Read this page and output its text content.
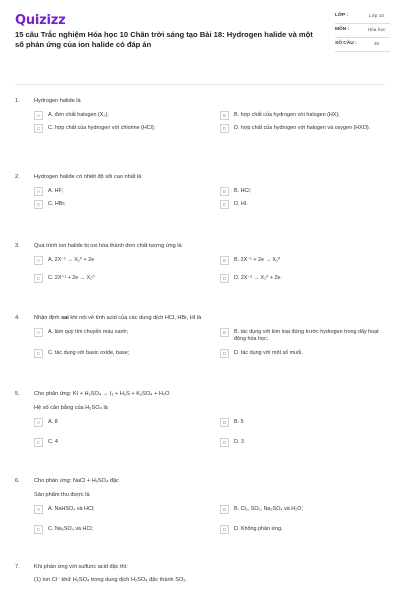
Quizizz
15 câu Trắc nghiệm Hóa học 10 Chân trời sáng tạo Bài 18: Hydrogen halide và một số phản ứng của ion halide có đáp án
LỚP :	Lớp 10
MÔN :	Hóa học
SỐ CÂU :	30
1.	Hydrogen halide là
A	A. đơn chất halogen (X₂);	B	B. hợp chất của hydrogen với halogen (HX);
C	C. hợp chất của hydrogen với chlorine (HCl);	D	D. hợp chất của hydrogen với halogen và oxygen (HXO).
2.	Hydrogen halide có nhiệt độ sôi cao nhất là
A	A. HF;	B	B. HCl;
C	C. HBr;	D	D. HI.
3.	Quá trình ion halide bị oxi hóa thành đơn chất tương ứng là
A	A. 2X⁻¹ → X₂⁰ + 2e	B	B. 2X⁻¹ + 2e → X₂⁰
C	C. 2X⁺¹ + 2e → X₂⁰	D	D. 2X⁻² → X₂⁰ + 2e.
4.	Nhận định sai khi nói về tính acid của các dung dịch HCl, HBr, HI là
A	A. làm quỳ tím chuyển màu xanh;	B	B. tác dụng với kim loại đứng trước hydrogen trong dãy hoạt động hóa học;
C	C. tác dụng với basic oxide, base;	D	D. tác dụng với một số muối.
5.	Cho phản ứng: KI + H₂SO₄ → I₂ + H₂S + K₂SO₄ + H₂O
Hệ số cân bằng của H₂SO₄ là
A	A. 8	B	B. 5
C	C. 4	D	D. 3
6.	Cho phản ứng: NaCl + H₂SO₄ đặc
Sản phẩm thu được là
A	A. NaHSO₄ và HCl;	B	B. Cl₂, SO₂, Na₂SO₄ và H₂O;
C	C. Na₂SO₄ và HCl;	D	D. Không phản ứng.
7.	Khi phản ứng với sulfuric acid đặc thì:
(1) Ion Cl⁻ khử H₂SO₄ trong dung dịch H₂SO₄ đặc thành SO₂.
